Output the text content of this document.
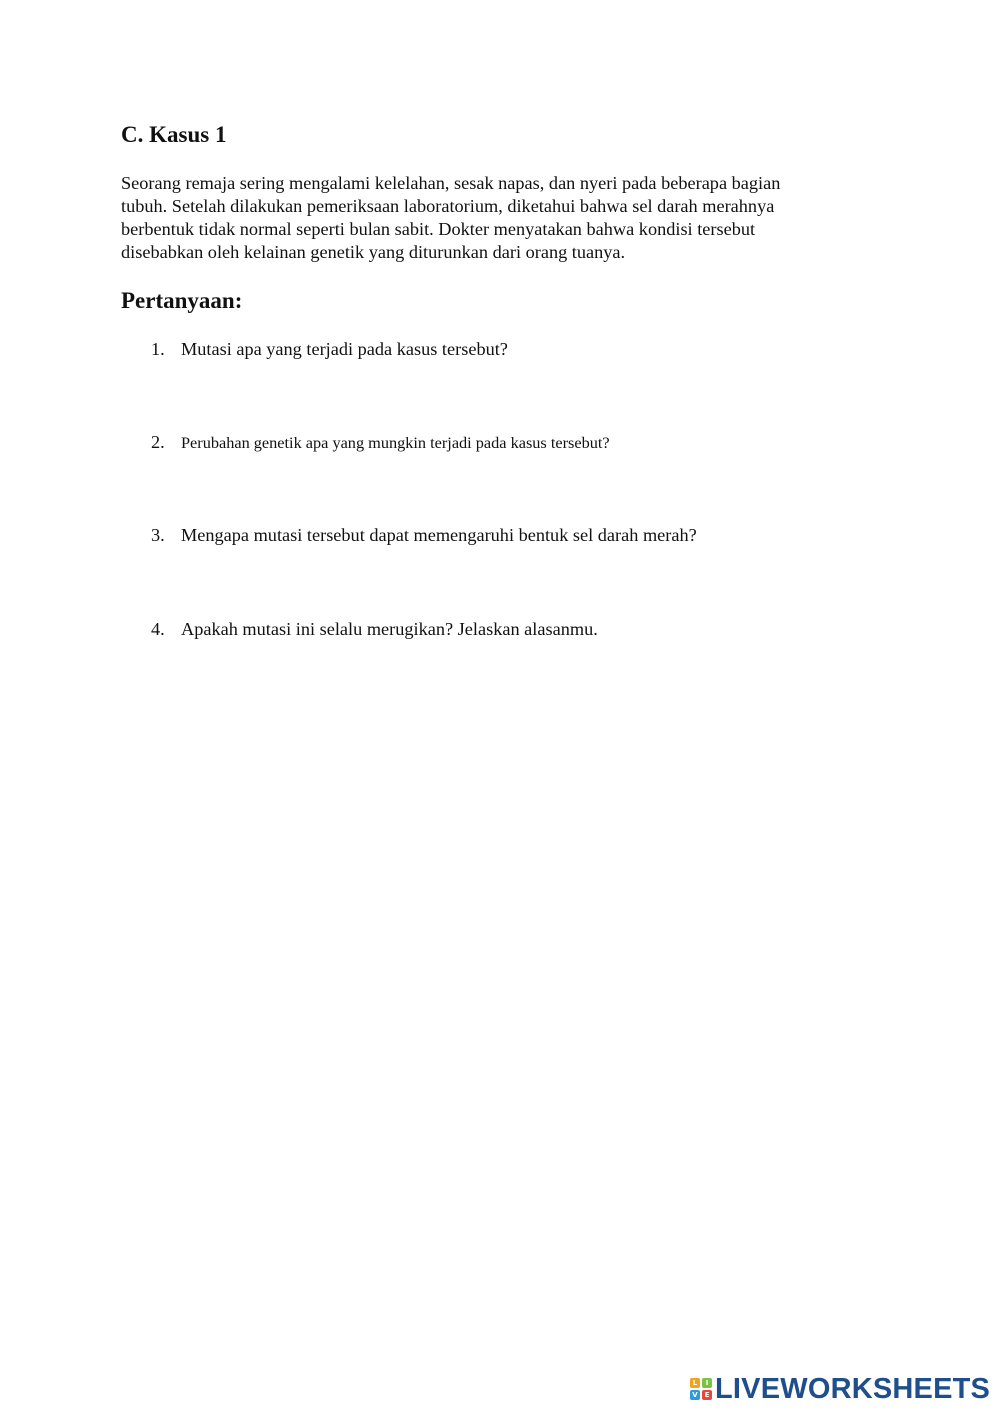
C. Kasus 1

Seorang remaja sering mengalami kelelahan, sesak napas, dan nyeri pada beberapa bagian
tubuh. Setelah dilakukan pemeriksaan laboratorium, diketahui bahwa sel darah merahnya
berbentuk tidak normal seperti bulan sabit. Dokter menyatakan bahwa kondisi tersebut
disebabkan oleh kelainan genetik yang diturunkan dari orang tuanya.

Pertanyaan:
1. Mutasi apa yang terjadi pada kasus tersebut?
2. Perubahan genetik apa yang mungkin terjadi pada kasus tersebut?
3. Mengapa mutasi tersebut dapat memengaruhi bentuk sel darah merah?
4. Apakah mutasi ini selalu merugikan? Jelaskan alasanmu.
L	I
V E LIVEWORKSHEETS
